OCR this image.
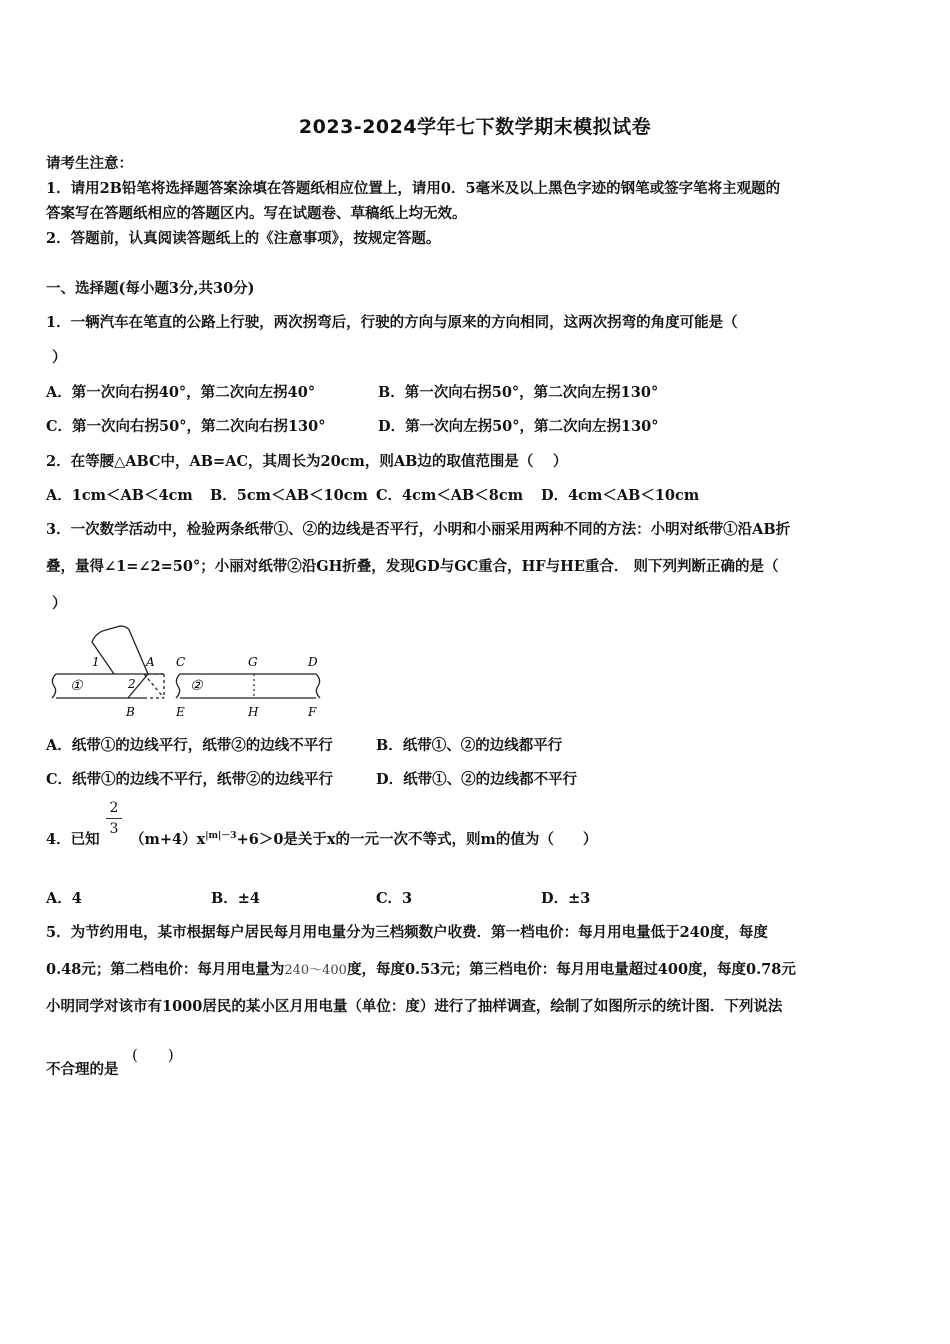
2023-2024学年七下数学期末模拟试卷
请考生注意：
1．请用2B铅笔将选择题答案涂填在答题纸相应位置上，请用0．5毫米及以上黑色字迹的钢笔或签字笔将主观题的
答案写在答题纸相应的答题区内。写在试题卷、草稿纸上均无效。
2．答题前，认真阅读答题纸上的《注意事项》，按规定答题。
一、选择题(每小题3分,共30分)
1．一辆汽车在笔直的公路上行驶，两次拐弯后，行驶的方向与原来的方向相同，这两次拐弯的角度可能是（
）
A．第一次向右拐40°，第二次向左拐40°	B．第一次向右拐50°，第二次向左拐130°
C．第一次向右拐50°，第二次向右拐130°	D．第一次向左拐50°，第二次向左拐130°
2．在等腰△ABC中，AB=AC，其周长为20cm，则AB边的取值范围是（　 ）
A．1cm＜AB＜4cm B．5cm＜AB＜10cm C．4cm＜AB＜8cm D．4cm＜AB＜10cm
3．一次数学活动中，检验两条纸带①、②的边线是否平行，小明和小丽采用两种不同的方法：小明对纸带①沿AB折
叠，量得∠1=∠2=50°；小丽对纸带②沿GH折叠，发现GD与GC重合，HF与HE重合． 则下列判断正确的是（
）
①
1
2
A
B
②
C	G	D
E	H	F
A．纸带①的边线平行，纸带②的边线不平行	B．纸带①、②的边线都平行
C．纸带①的边线不平行，纸带②的边线平行	D．纸带①、②的边线都不平行
4．已知
2
3
$(m+4)x^{|m|-3}+6>0$是关于x的一元一次不等式，则m的值为（　　）
A．4	B．±4	C．3	D．±3
5．为节约用电，某市根据每户居民每月用电量分为三档频数户收费．第一档电价：每月用电量低于240度，每度
0.48元；第二档电价：每月用电量为240～400度，每度0.53元；第三档电价：每月用电量超过400度，每度0.78元
小明同学对该市有1000居民的某小区月用电量（单位：度）进行了抽样调查，绘制了如图所示的统计图．下列说法
不合理的是
(　　)
